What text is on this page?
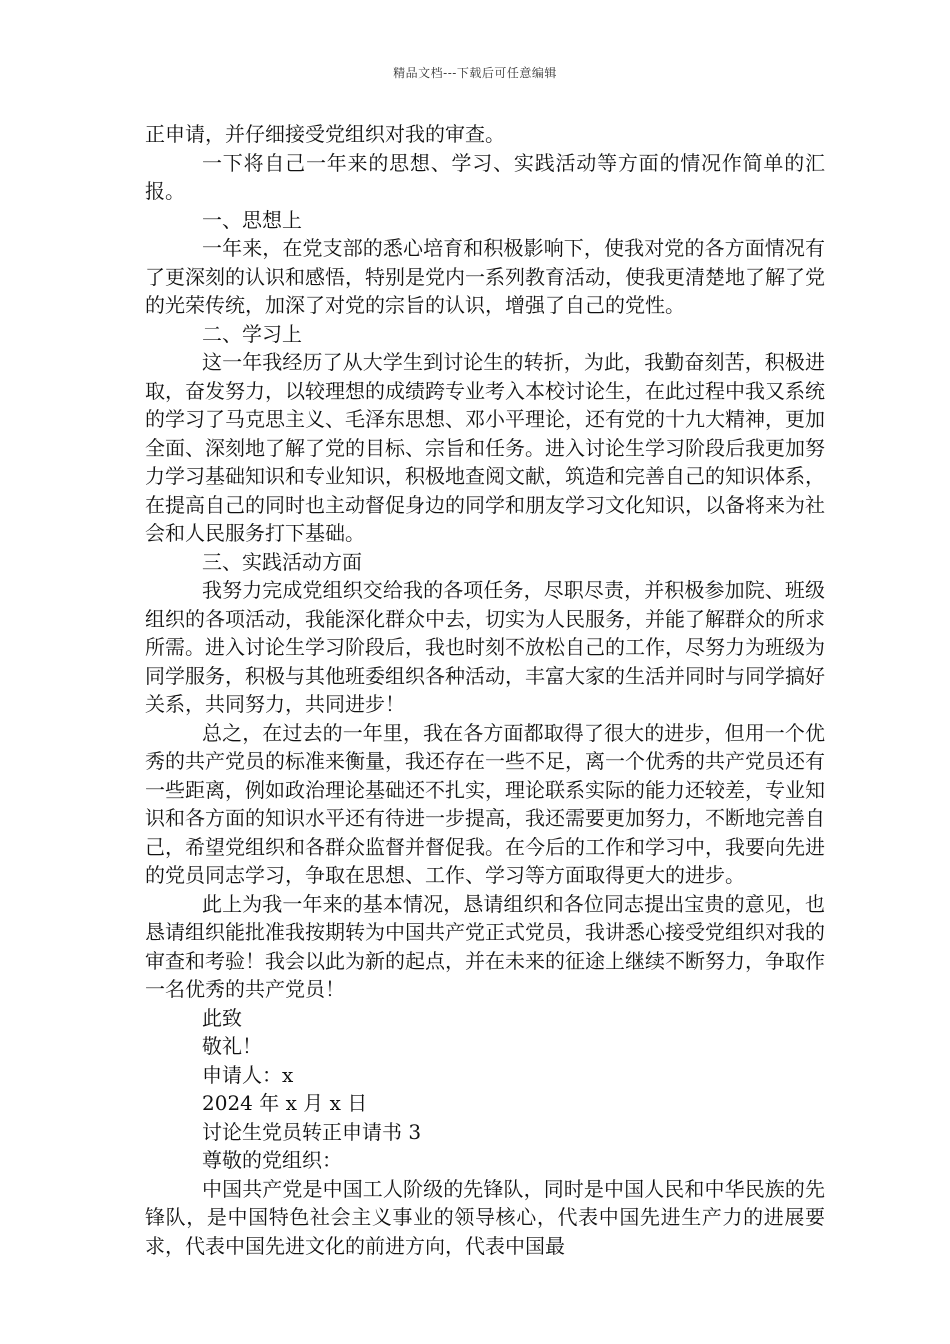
精品文档---下载后可任意编辑

正申请，并仔细接受党组织对我的审查。

一下将自己一年来的思想、学习、实践活动等方面的情况作简单的汇报。

一、思想上

一年来，在党支部的悉心培育和积极影响下，使我对党的各方面情况有了更深刻的认识和感悟，特别是党内一系列教育活动，使我更清楚地了解了党的光荣传统，加深了对党的宗旨的认识，增强了自己的党性。

二、学习上

这一年我经历了从大学生到讨论生的转折，为此，我勤奋刻苦，积极进取，奋发努力，以较理想的成绩跨专业考入本校讨论生，在此过程中我又系统的学习了马克思主义、毛泽东思想、邓小平理论，还有党的十九大精神，更加全面、深刻地了解了党的目标、宗旨和任务。进入讨论生学习阶段后我更加努力学习基础知识和专业知识，积极地查阅文献，筑造和完善自己的知识体系，在提高自己的同时也主动督促身边的同学和朋友学习文化知识，以备将来为社会和人民服务打下基础。

三、实践活动方面

我努力完成党组织交给我的各项任务，尽职尽责，并积极参加院、班级组织的各项活动，我能深化群众中去，切实为人民服务，并能了解群众的所求所需。进入讨论生学习阶段后，我也时刻不放松自己的工作，尽努力为班级为同学服务，积极与其他班委组织各种活动，丰富大家的生活并同时与同学搞好关系，共同努力，共同进步！

总之，在过去的一年里，我在各方面都取得了很大的进步，但用一个优秀的共产党员的标准来衡量，我还存在一些不足，离一个优秀的共产党员还有一些距离，例如政治理论基础还不扎实，理论联系实际的能力还较差，专业知识和各方面的知识水平还有待进一步提高，我还需要更加努力，不断地完善自己，希望党组织和各群众监督并督促我。在今后的工作和学习中，我要向先进的党员同志学习，争取在思想、工作、学习等方面取得更大的进步。

此上为我一年来的基本情况，恳请组织和各位同志提出宝贵的意见，也恳请组织能批准我按期转为中国共产党正式党员，我讲悉心接受党组织对我的审查和考验！我会以此为新的起点，并在未来的征途上继续不断努力，争取作一名优秀的共产党员！

此致

敬礼！

申请人：x

2024 年 x 月 x 日

讨论生党员转正申请书 3

尊敬的党组织：

中国共产党是中国工人阶级的先锋队，同时是中国人民和中华民族的先锋队，是中国特色社会主义事业的领导核心，代表中国先进生产力的进展要求，代表中国先进文化的前进方向，代表中国最
